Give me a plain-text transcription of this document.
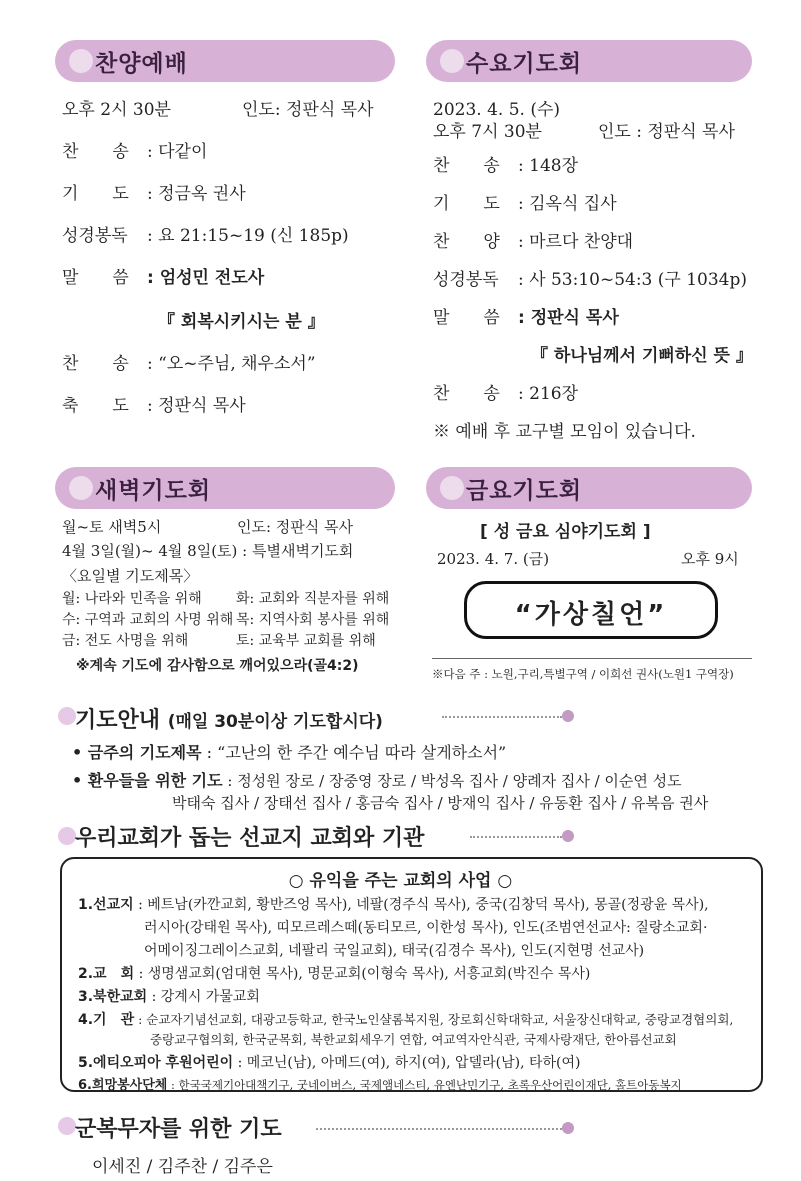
찬양예배
오후 2시 30분	인도: 정판식 목사
찬　　송 : 다같이
기　　도 : 정금옥 권사
성경봉독 : 요 21:15~19 (신 185p)
말　　씀 : 엄성민 전도사
『 회복시키시는 분 』
찬　　송 : “오~주님, 채우소서”
축　　도 : 정판식 목사
수요기도회
2023. 4. 5. (수)
오후 7시 30분	인도 : 정판식 목사
찬　　송 : 148장
기　　도 : 김옥식 집사
찬　　양 : 마르다 찬양대
성경봉독 : 사 53:10~54:3 (구 1034p)
말　　씀 : 정판식 목사
『 하나님께서 기뻐하신 뜻 』
찬　　송 : 216장
※ 예배 후 교구별 모임이 있습니다.
새벽기도회
월~토 새벽5시	인도: 정판식 목사
4월 3일(월)~ 4월 8일(토) : 특별새벽기도회
〈요일별 기도제목〉
월: 나라와 민족을 위해 화: 교회와 직분자를 위해
수: 구역과 교회의 사명 위해 목: 지역사회 봉사를 위해
금: 전도 사명을 위해	토: 교육부 교회를 위해
※계속 기도에 감사함으로 깨어있으라(골4:2)
금요기도회
[ 성 금요 심야기도회 ]
2023. 4. 7. (금)	오후 9시
“가상칠언”
※다음 주 : 노원,구리,특별구역 / 이희선 권사(노원1 구역장)
기도안내 (매일 30분이상 기도합시다)
• 금주의 기도제목 : “고난의 한 주간 예수님 따라 살게하소서”
• 환우들을 위한 기도 : 정성원 장로 / 장중영 장로 / 박성옥 집사 / 양례자 집사 / 이순연 성도
박태숙 집사 / 장태선 집사 / 홍금숙 집사 / 방재익 집사 / 유동환 집사 / 유복음 권사
우리교회가 돕는 선교지 교회와 기관
○ 유익을 주는 교회의 사업 ○
1.선교지 : 베트남(카깐교회, 황반즈엉 목사), 네팔(경주식 목사), 중국(김창덕 목사), 몽골(정광윤 목사),
러시아(강태원 목사), 띠모르레스떼(동티모르, 이한성 목사), 인도(조범연선교사: 질랑소교회·
어메이징그레이스교회, 네팔리 국일교회), 태국(김경수 목사), 인도(지현명 선교사)
2.교　회 : 생명샘교회(엄대현 목사), 명문교회(이형숙 목사), 서흥교회(박진수 목사)
3.북한교회 : 강계시 가물교회
4.기　관 : 순교자기념선교회, 대광고등학교, 한국노인샬롬복지원, 장로회신학대학교, 서울장신대학교, 중랑교경협의회,
중랑교구협의회, 한국군목회, 북한교회세우기 연합, 여교역자안식관, 국제사랑재단, 한아름선교회
5.에티오피아 후원어린이 : 메코닌(남), 아메드(여), 하지(여), 압델라(남), 타하(여)
6.희망봉사단체 : 한국국제기아대책기구, 굿네이버스, 국제앰네스티, 유엔난민기구, 초록우산어린이재단, 홀트아동복지
군복무자를 위한 기도
이세진 / 김주찬 / 김주은
